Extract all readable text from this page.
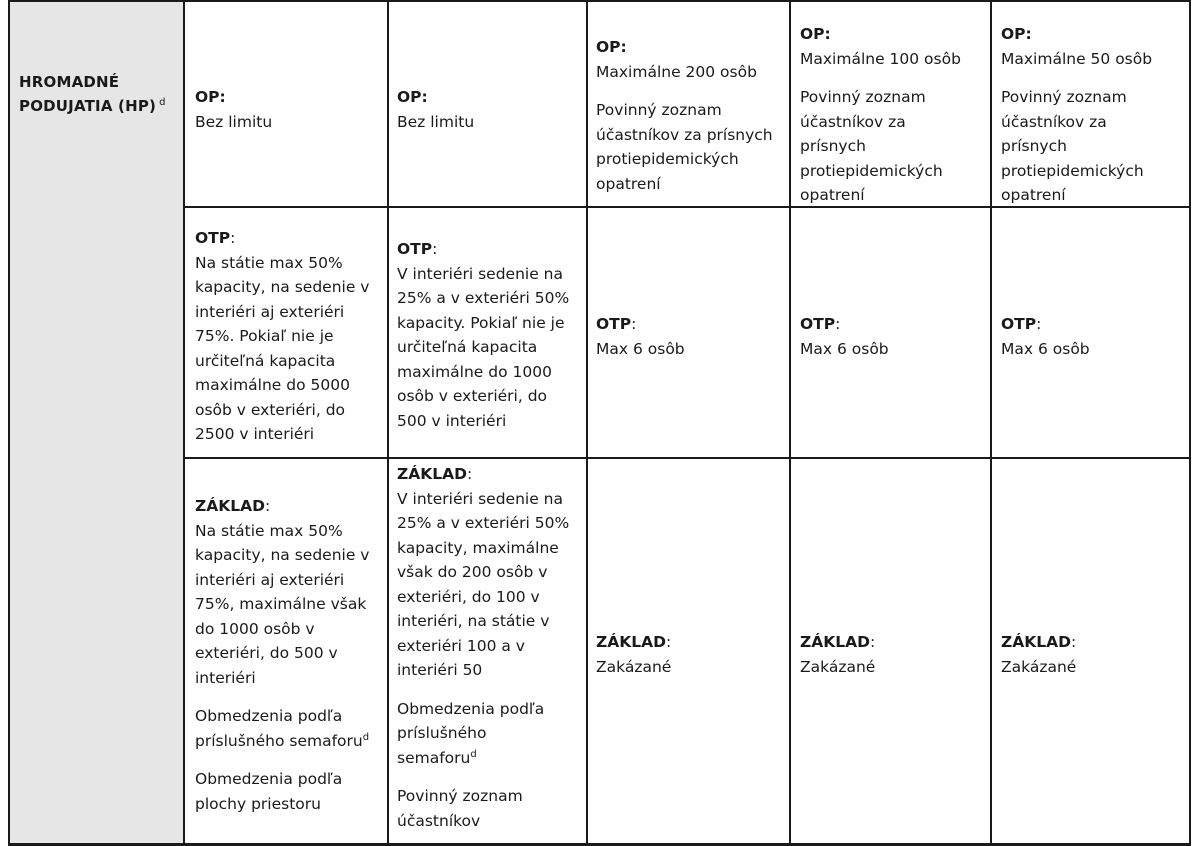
HROMADNÉ
PODUJATIA (HP) $^d$	OP:

Bez limitu

OP:

Bez limitu

OP:

Maximálne 200 osôb

Povinný zoznam

účastníkov za prísnych

protiepidemických

opatrení

OP:

Maximálne 100 osôb

Povinný zoznam

účastníkov za

prísnych

protiepidemických

opatrení

OP:

Maximálne 50 osôb

Povinný zoznam

účastníkov za

prísnych

protiepidemických

opatrení

OTP:

Na státie max 50%

kapacity, na sedenie v

interiéri aj exteriéri

75%. Pokiaľ nie je

určiteľná kapacita

maximálne do 5000

osôb v exteriéri, do

2500 v interiéri

OTP:

V interiéri sedenie na

25% a v exteriéri 50%

kapacity. Pokiaľ nie je

určiteľná kapacita

maximálne do 1000

osôb v exteriéri, do

500 v interiéri

OTP:

Max 6 osôb

OTP:

Max 6 osôb

OTP:

Max 6 osôb

ZÁKLAD:

Na státie max 50%

kapacity, na sedenie v

interiéri aj exteriéri

75%, maximálne však

do 1000 osôb v

exteriéri, do 500 v

interiéri

Obmedzenia podľa

príslušného semaforu$^d$

Obmedzenia podľa

plochy priestoru

ZÁKLAD:

V interiéri sedenie na

25% a v exteriéri 50%

kapacity, maximálne

však do 200 osôb v

exteriéri, do 100 v

interiéri, na státie v

exteriéri 100 a v

interiéri 50

Obmedzenia podľa

príslušného

semaforu$^d$

Povinný zoznam

účastníkov

ZÁKLAD:

Zakázané

ZÁKLAD:

Zakázané

ZÁKLAD:

Zakázané
